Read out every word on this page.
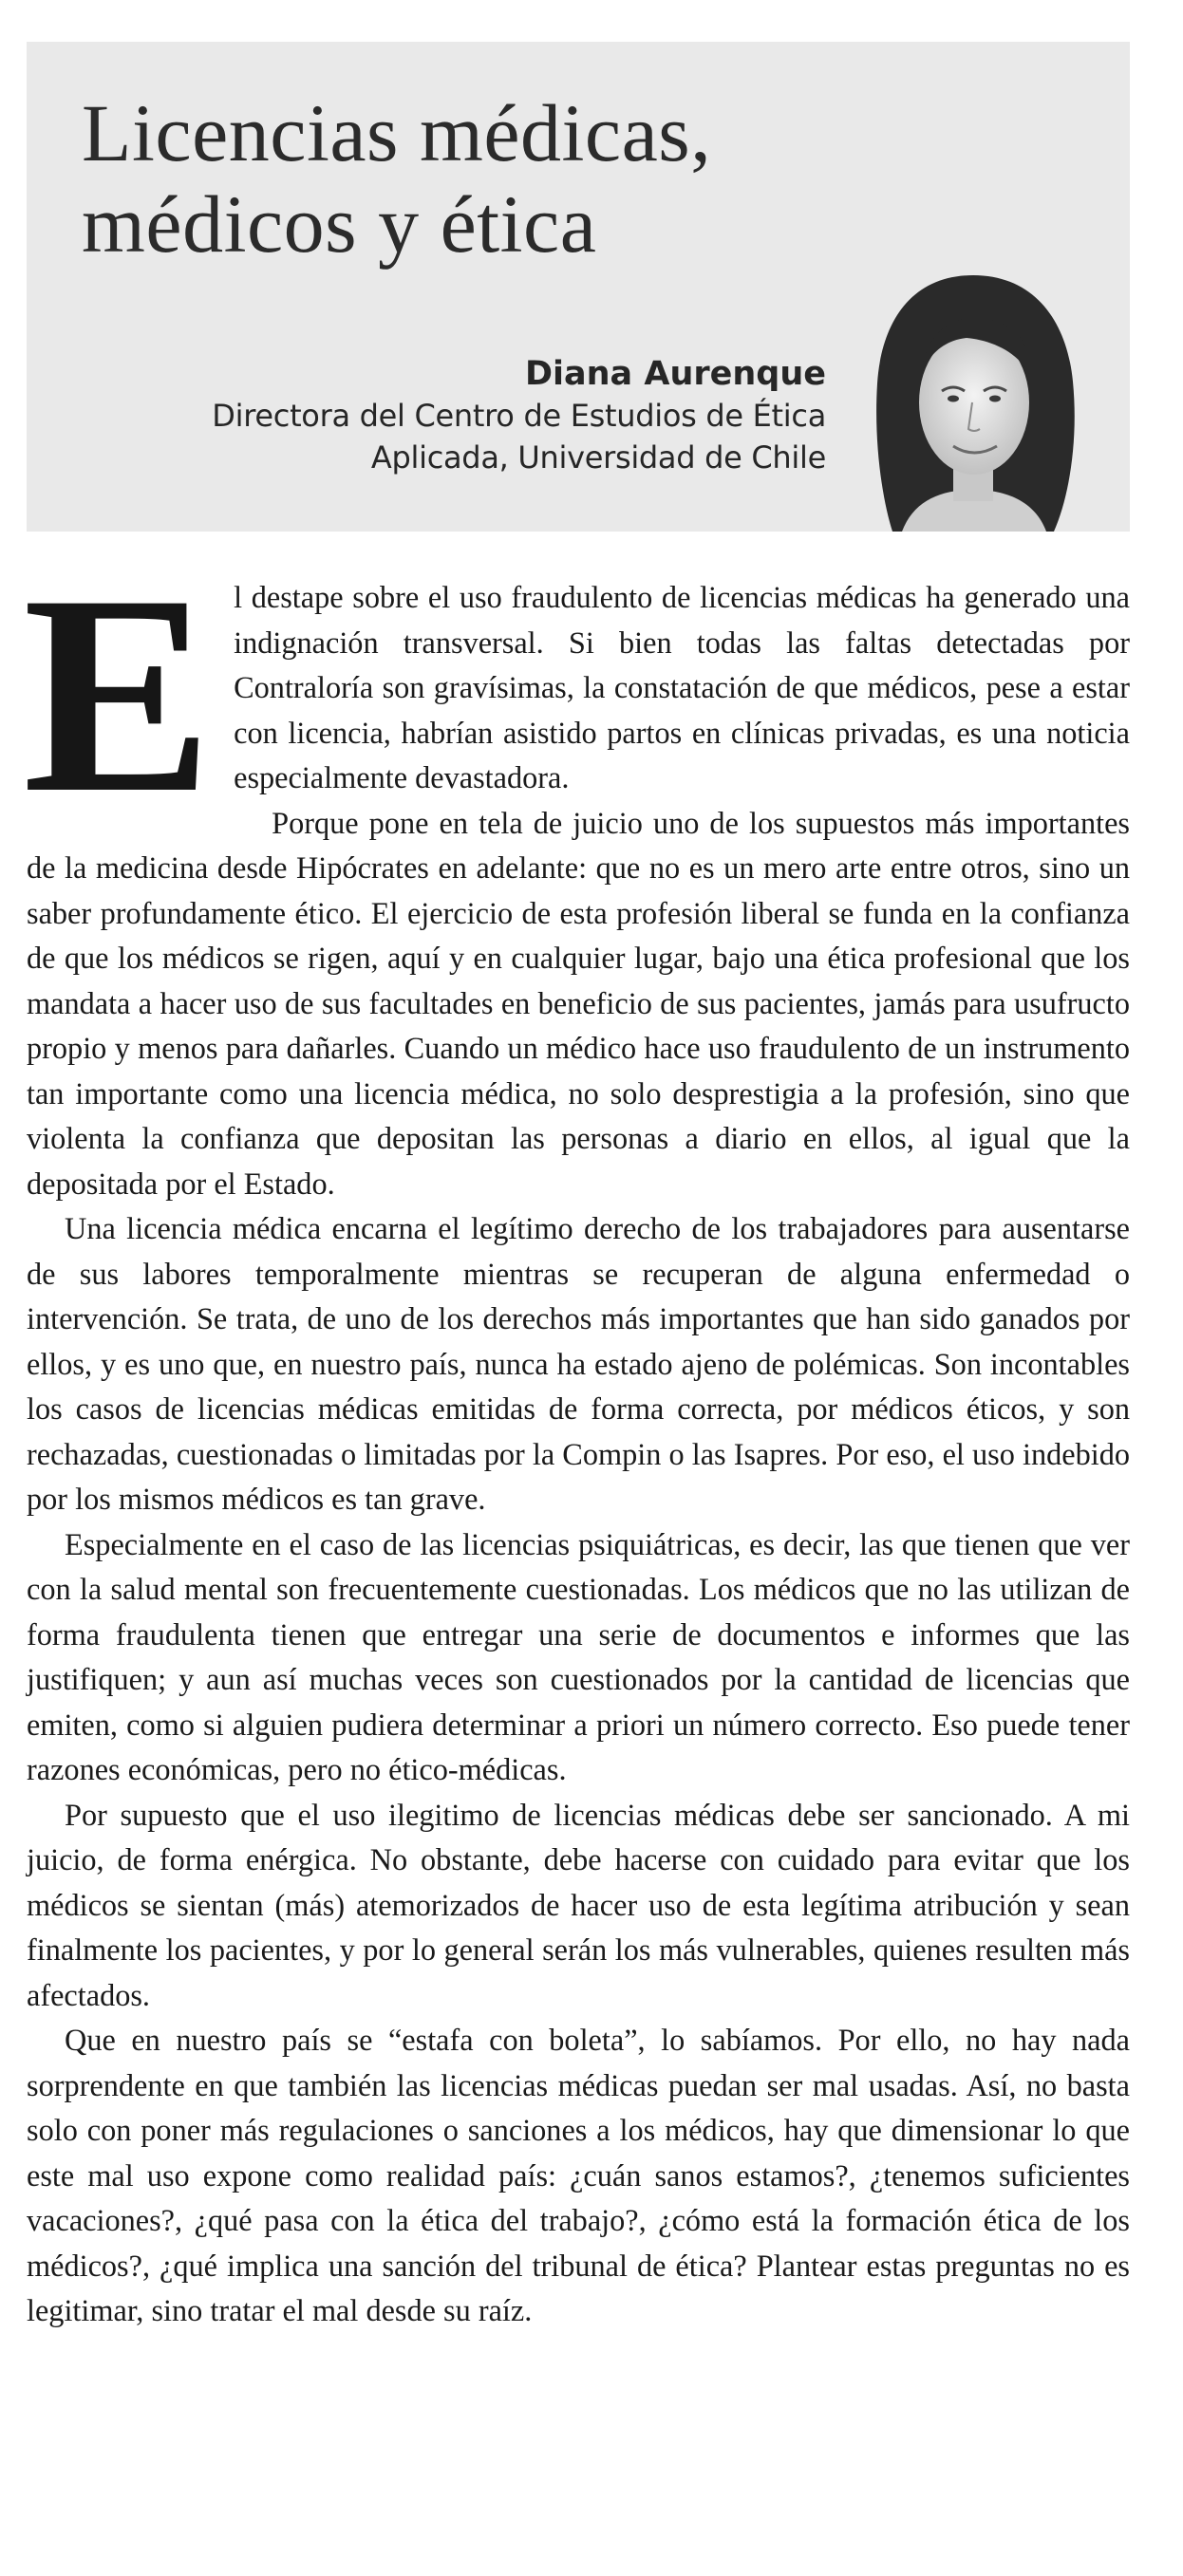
Licencias médicas,
médicos y ética
Diana Aurenque
Directora del Centro de Estudios de Ética
Aplicada, Universidad de Chile

El destape sobre el uso fraudulento de licencias médicas ha generado una indignación transversal. Si bien todas las faltas detectadas por Contraloría son gravísimas, la constatación de que médicos, pese a estar con licencia, habrían asistido partos en clínicas privadas, es una noticia especialmente devastadora.

Porque pone en tela de juicio uno de los supuestos más importantes de la medicina desde Hipócrates en adelante: que no es un mero arte entre otros, sino un saber profundamente ético. El ejercicio de esta profesión liberal se funda en la confianza de que los médicos se rigen, aquí y en cualquier lugar, bajo una ética profesional que los mandata a hacer uso de sus facultades en beneficio de sus pacientes, jamás para usufructo propio y menos para dañarles. Cuando un médico hace uso fraudulento de un instrumento tan importante como una licencia médica, no solo desprestigia a la profesión, sino que violenta la confianza que depositan las personas a diario en ellos, al igual que la depositada por el Estado.

Una licencia médica encarna el legítimo derecho de los trabajadores para ausentarse de sus labores temporalmente mientras se recuperan de alguna enfermedad o intervención. Se trata, de uno de los derechos más importantes que han sido ganados por ellos, y es uno que, en nuestro país, nunca ha estado ajeno de polémicas. Son incontables los casos de licencias médicas emitidas de forma correcta, por médicos éticos, y son rechazadas, cuestionadas o limitadas por la Compin o las Isapres. Por eso, el uso indebido por los mismos médicos es tan grave.

Especialmente en el caso de las licencias psiquiátricas, es decir, las que tienen que ver con la salud mental son frecuentemente cuestionadas. Los médicos que no las utilizan de forma fraudulenta tienen que entregar una serie de documentos e informes que las justifiquen; y aun así muchas veces son cuestionados por la cantidad de licencias que emiten, como si alguien pudiera determinar a priori un número correcto. Eso puede tener razones económicas, pero no ético-médicas.

Por supuesto que el uso ilegitimo de licencias médicas debe ser sancionado. A mi juicio, de forma enérgica. No obstante, debe hacerse con cuidado para evitar que los médicos se sientan (más) atemorizados de hacer uso de esta legítima atribución y sean finalmente los pacientes, y por lo general serán los más vulnerables, quienes resulten más afectados.

Que en nuestro país se “estafa con boleta”, lo sabíamos. Por ello, no hay nada sorprendente en que también las licencias médicas puedan ser mal usadas. Así, no basta solo con poner más regulaciones o sanciones a los médicos, hay que dimensionar lo que este mal uso expone como realidad país: ¿cuán sanos estamos?, ¿tenemos suficientes vacaciones?, ¿qué pasa con la ética del trabajo?, ¿cómo está la formación ética de los médicos?, ¿qué implica una sanción del tribunal de ética? Plantear estas preguntas no es legitimar, sino tratar el mal desde su raíz.
